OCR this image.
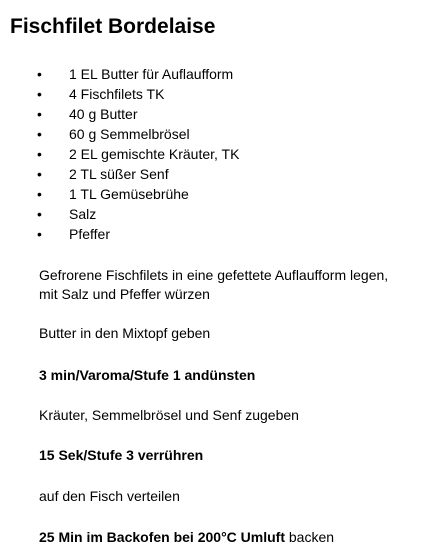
Fischfilet Bordelaise
• 1 EL Butter für Auflaufform
• 4 Fischfilets TK
• 40 g Butter
• 60 g Semmelbrösel
• 2 EL gemischte Kräuter, TK
• 2 TL süßer Senf
• 1 TL Gemüsebrühe
• Salz
• Pfeffer

Gefrorene Fischfilets in eine gefettete Auflaufform legen,

mit Salz und Pfeffer würzen

Butter in den Mixtopf geben

3 min/Varoma/Stufe 1 andünsten

Kräuter, Semmelbrösel und Senf zugeben

15 Sek/Stufe 3 verrühren

auf den Fisch verteilen

25 Min im Backofen bei 200°C Umluft backen
